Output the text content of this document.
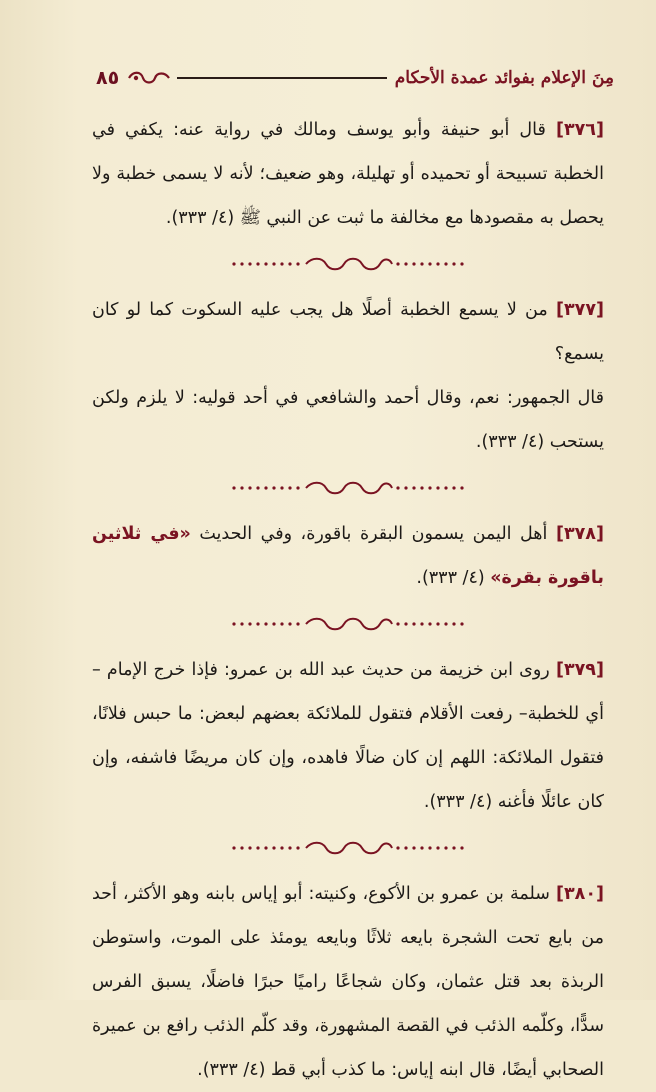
٨٥	مِنَ الإعلام بفوائد عمدة الأحكام

[٣٧٦] قال أبو حنيفة وأبو يوسف ومالك في رواية عنه: يكفي في الخطبة تسبيحة أو تحميده أو تهليلة، وهو ضعيف؛ لأنه لا يسمى خطبة ولا يحصل به مقصودها مع مخالفة ما ثبت عن النبي ﷺ (٤/ ٣٣٣).

[٣٧٧] من لا يسمع الخطبة أصلًا هل يجب عليه السكوت كما لو كان يسمع؟

قال الجمهور: نعم، وقال أحمد والشافعي في أحد قوليه: لا يلزم ولكن يستحب (٤/ ٣٣٣).

[٣٧٨] أهل اليمن يسمون البقرة باقورة، وفي الحديث «في ثلاثين باقورة بقرة» (٤/ ٣٣٣).

[٣٧٩] روى ابن خزيمة من حديث عبد الله بن عمرو: فإذا خرج الإمام –أي للخطبة– رفعت الأقلام فتقول للملائكة بعضهم لبعض: ما حبس فلانًا، فتقول الملائكة: اللهم إن كان ضالًا فاهده، وإن كان مريضًا فاشفه، وإن كان عائلًا فأغنه (٤/ ٣٣٣).

[٣٨٠] سلمة بن عمرو بن الأكوع، وكنيته: أبو إياس بابنه وهو الأكثر، أحد من بايع تحت الشجرة بايعه ثلاثًا وبايعه يومئذ على الموت، واستوطن الربذة بعد قتل عثمان، وكان شجاعًا راميًا حبرًا فاضلًا، يسبق الفرس سدًّا، وكلّمه الذئب في القصة المشهورة، وقد كلّم الذئب رافع بن عميرة الصحابي أيضًا، قال ابنه إياس: ما كذب أبي قط (٤/ ٣٣٣).
